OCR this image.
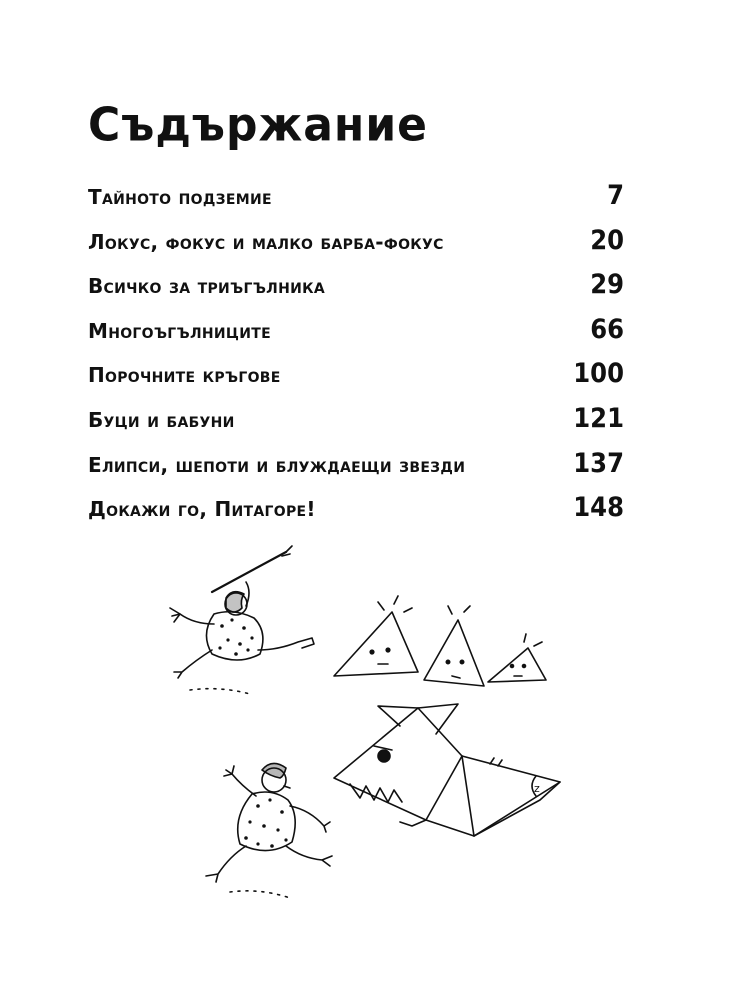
Съдържание
Тайното подземие	7
Локус, фокус и малко барба-фокус	20
Всичко за триъгълника	29
Многоъгълниците	66
Порочните кръгове	100
Буци и бабуни	121
Елипси, шепоти и блуждаещи звезди	137
Докажи го, Питагоре!	148
z
